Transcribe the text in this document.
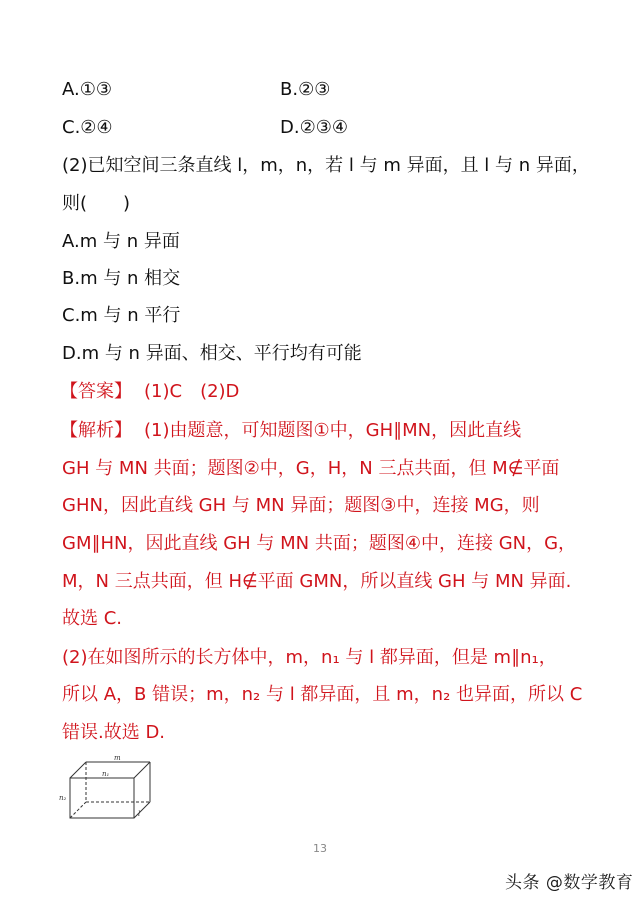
A.①③	B.②③
C.②④	D.②③④
(2)已知空间三条直线 l，m，n，若 l 与 m 异面，且 l 与 n 异面，
则(　　)
A.m 与 n 异面
B.m 与 n 相交
C.m 与 n 平行
D.m 与 n 异面、相交、平行均有可能
【答案】 (1)C　(2)D
【解析】 (1)由题意，可知题图①中，GH∥MN，因此直线
GH 与 MN 共面；题图②中，G，H，N 三点共面，但 M∉平面
GHN，因此直线 GH 与 MN 异面；题图③中，连接 MG，则
GM∥HN，因此直线 GH 与 MN 共面；题图④中，连接 GN，G，
M，N 三点共面，但 H∉平面 GMN，所以直线 GH 与 MN 异面.
故选 C.
(2)在如图所示的长方体中，m，n₁ 与 l 都异面，但是 m∥n₁，
所以 A，B 错误；m，n₂ 与 l 都异面，且 m，n₂ 也异面，所以 C
错误.故选 D.
m
n₁
n₂
l
13
头条 @数学教育
